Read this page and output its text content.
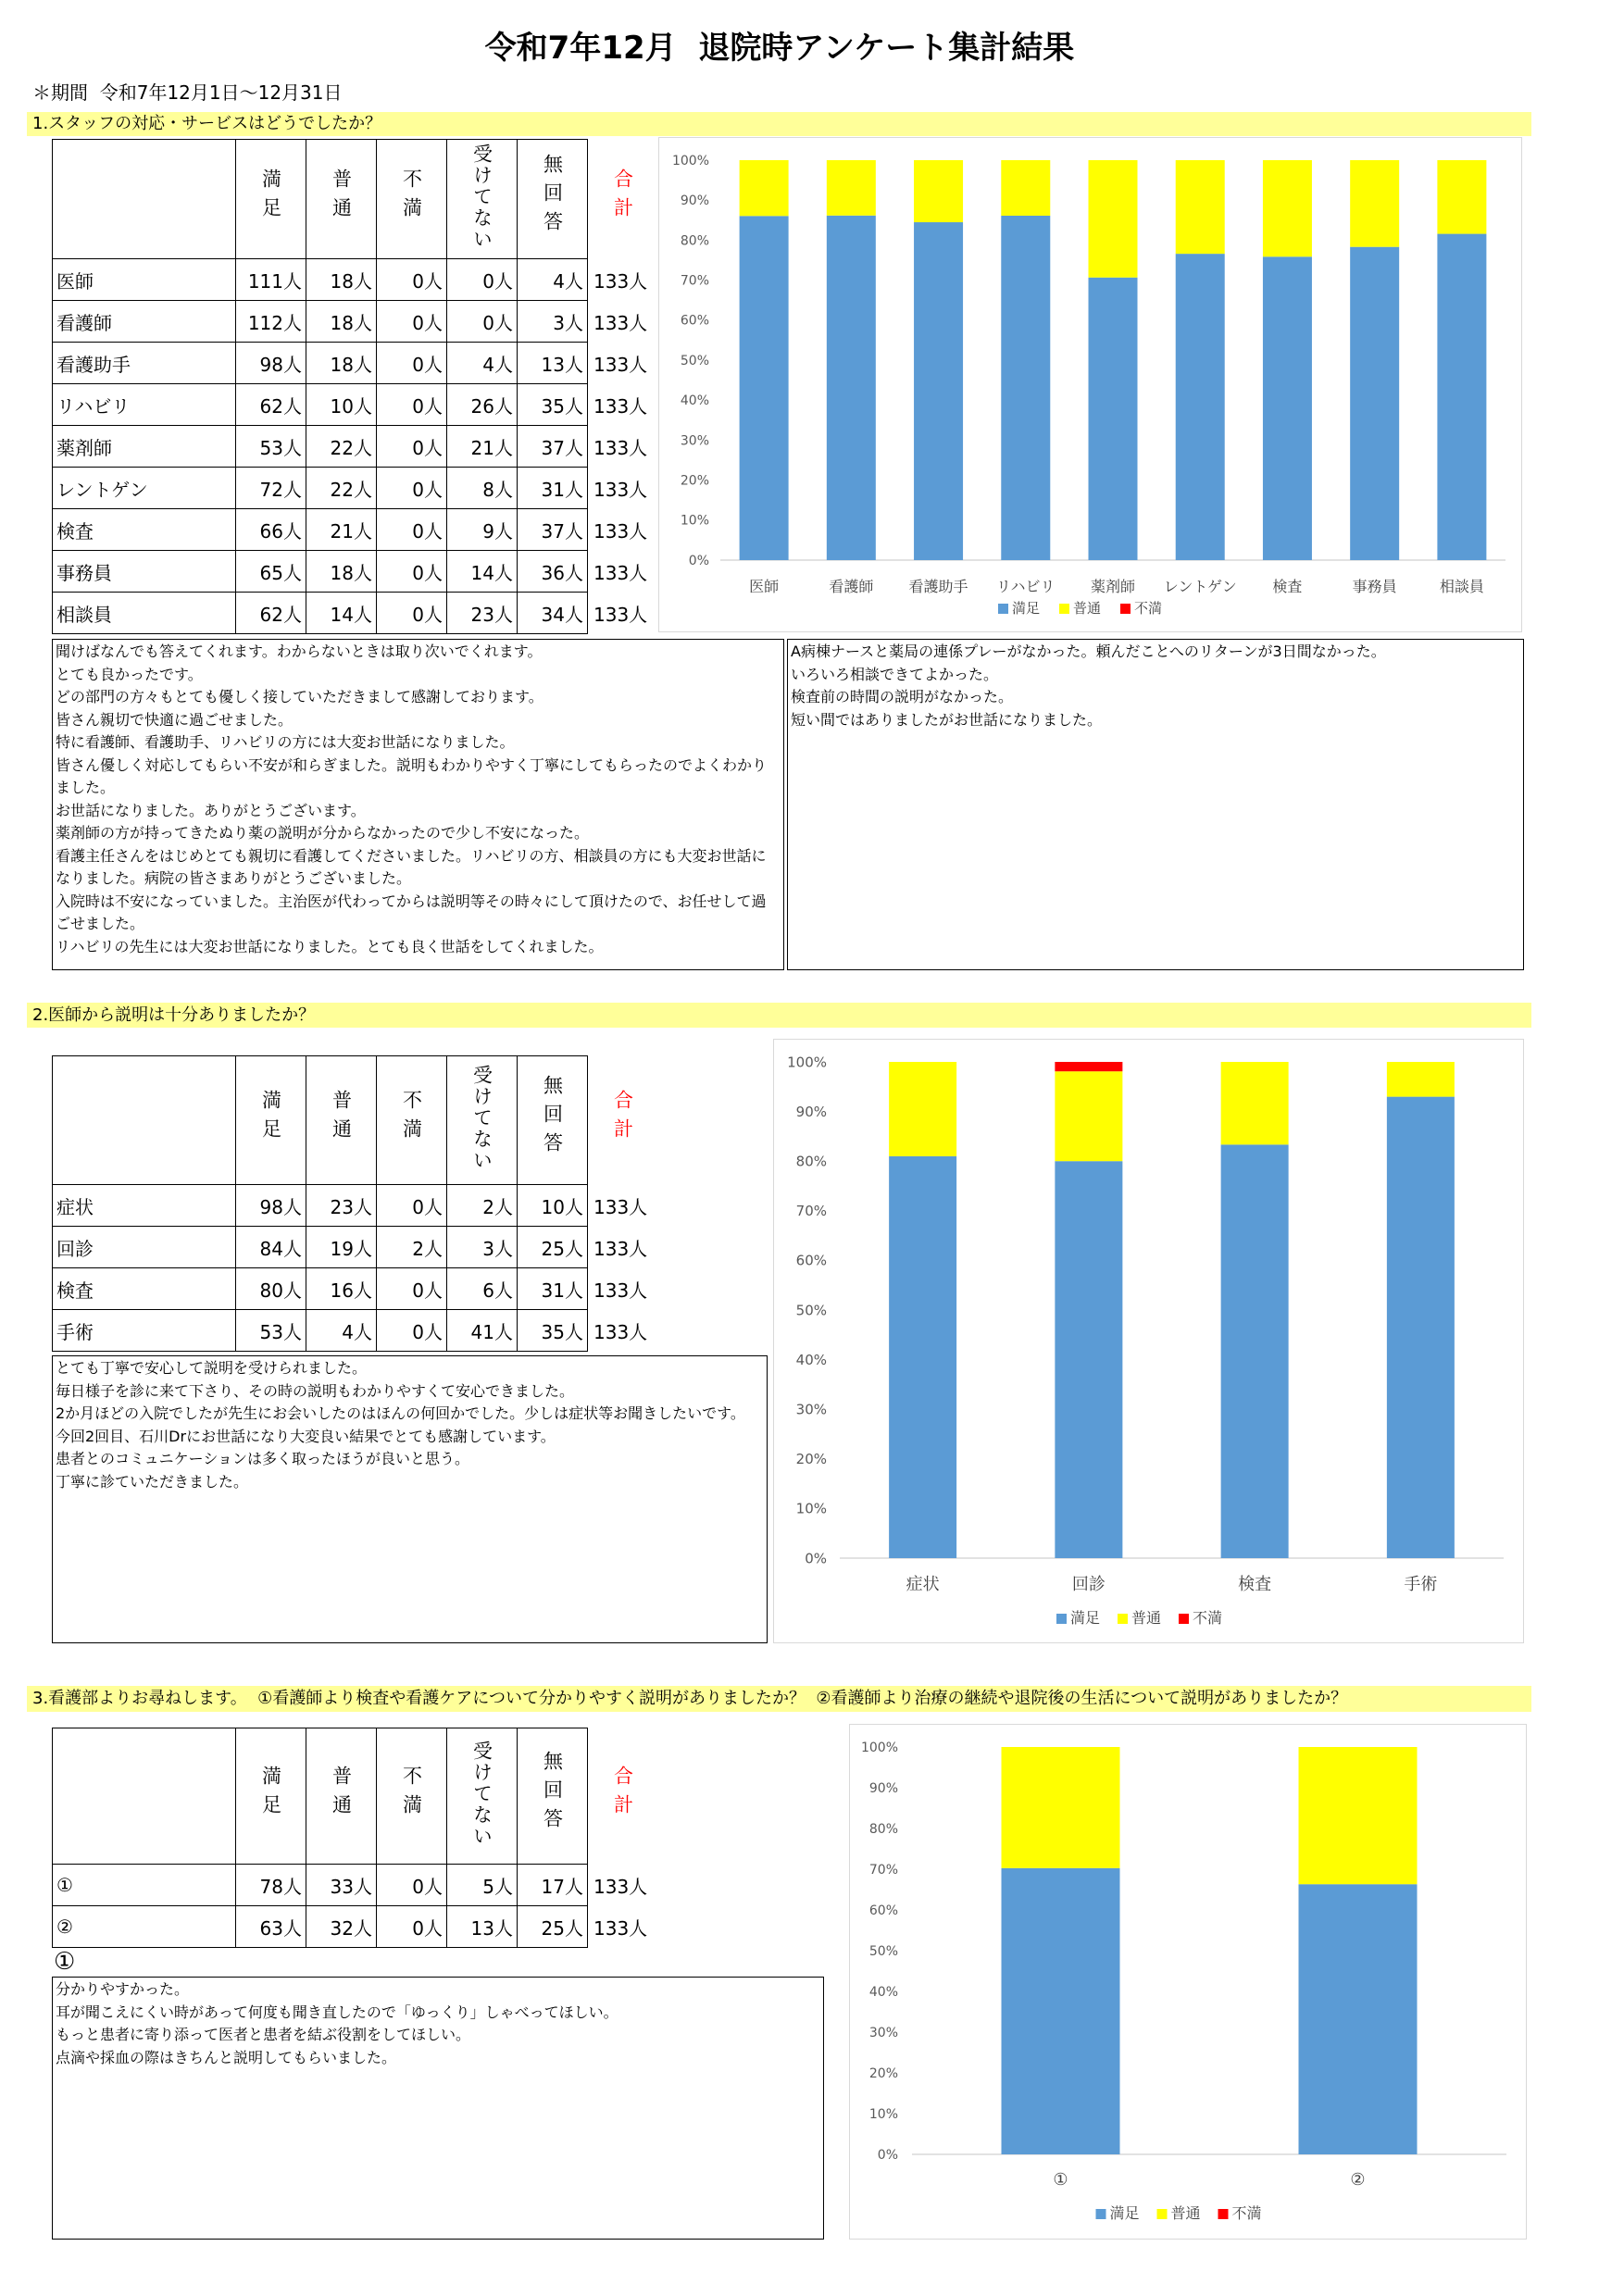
令和7年12月  退院時アンケート集計結果
＊期間  令和7年12月1日～12月31日
1.スタッフの対応・サービスはどうでしたか？
	満足	普通	不満	受けてない	無回答	合計
医師	111人	18人	0人	0人	4人	133人
看護師	112人	18人	0人	0人	3人	133人
看護助手	98人	18人	0人	4人	13人	133人
リハビリ	62人	10人	0人	26人	35人	133人
薬剤師	53人	22人	0人	21人	37人	133人
レントゲン	72人	22人	0人	8人	31人	133人
検査	66人	21人	0人	9人	37人	133人
事務員	65人	18人	0人	14人	36人	133人
相談員	62人	14人	0人	23人	34人	133人
0%
10%
20%
30%
40%
50%
60%
70%
80%
90%
100%
医師	看護師 看護助手 リハビリ 薬剤師 レントゲン 検査	事務員	相談員
満足 普通 不満
聞けばなんでも答えてくれます。わからないときは取り次いでくれます。
とても良かったです。
どの部門の方々もとても優しく接していただきまして感謝しております。
皆さん親切で快適に過ごせました。
特に看護師、看護助手、リハビリの方には大変お世話になりました。
皆さん優しく対応してもらい不安が和らぎました。説明もわかりやすく丁寧にしてもらったのでよくわかりました。
お世話になりました。ありがとうございます。
薬剤師の方が持ってきたぬり薬の説明が分からなかったので少し不安になった。
看護主任さんをはじめとても親切に看護してくださいました。リハビリの方、相談員の方にも大変お世話になりました。病院の皆さまありがとうございました。
入院時は不安になっていました。主治医が代わってからは説明等その時々にして頂けたので、お任せして過ごせました。
リハビリの先生には大変お世話になりました。とても良く世話をしてくれました。
A病棟ナースと薬局の連係プレーがなかった。頼んだことへのリターンが3日間なかった。
いろいろ相談できてよかった。
検査前の時間の説明がなかった。
短い間ではありましたがお世話になりました。
2.医師から説明は十分ありましたか？
	満足	普通	不満	受けてない	無回答	合計
症状	98人	23人	0人	2人	10人	133人
回診	84人	19人	2人	3人	25人	133人
検査	80人	16人	0人	6人	31人	133人
手術	53人	4人	0人	41人	35人	133人
0%
10%
20%
30%
40%
50%
60%
70%
80%
90%
100%
症状	回診	検査	手術
満足 普通 不満
とても丁寧で安心して説明を受けられました。
毎日様子を診に来て下さり、その時の説明もわかりやすくて安心できました。
2か月ほどの入院でしたが先生にお会いしたのはほんの何回かでした。少しは症状等お聞きしたいです。
今回2回目、石川Drにお世話になり大変良い結果でとても感謝しています。
患者とのコミュニケーションは多く取ったほうが良いと思う。
丁寧に診ていただきました。
3.看護部よりお尋ねします。  ①看護師より検査や看護ケアについて分かりやすく説明がありましたか？  ②看護師より治療の継続や退院後の生活について説明がありましたか？
	満足	普通	不満	受けてない	無回答	合計
①	78人	33人	0人	5人	17人	133人
②	63人	32人	0人	13人	25人	133人
①
分かりやすかった。
耳が聞こえにくい時があって何度も聞き直したので「ゆっくり」しゃべってほしい。
もっと患者に寄り添って医者と患者を結ぶ役割をしてほしい。
点滴や採血の際はきちんと説明してもらいました。
0%
10%
20%
30%
40%
50%
60%
70%
80%
90%
100%
①	②
満足 普通 不満
